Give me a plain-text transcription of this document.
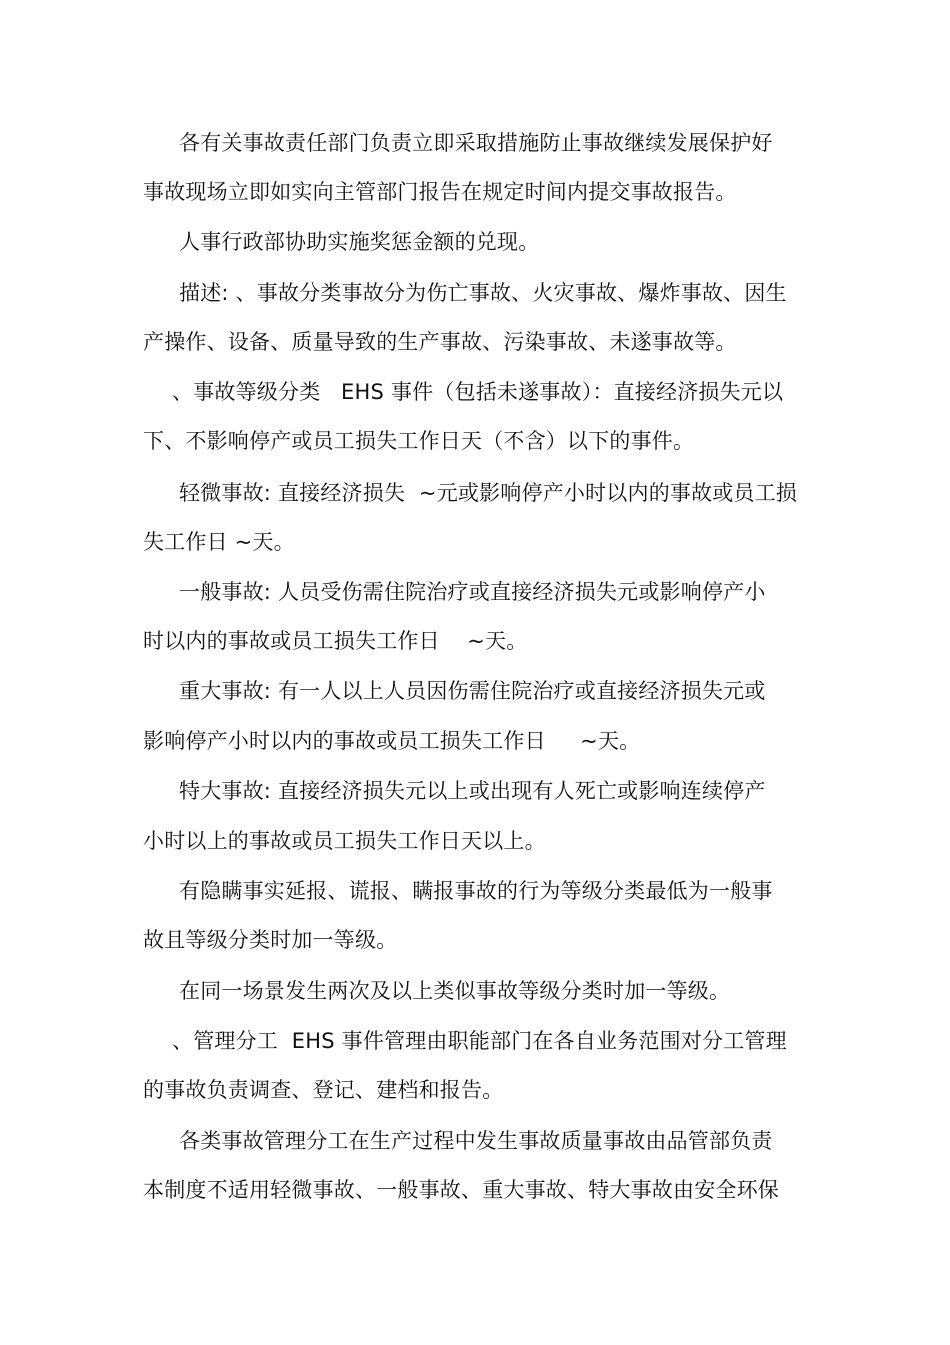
各有关事故责任部门负责立即采取措施防止事故继续发展保护好
事故现场立即如实向主管部门报告在规定时间内提交事故报告。
人事行政部协助实施奖惩金额的兑现。
描述: 、事故分类事故分为伤亡事故、火灾事故、爆炸事故、因生
产操作、设备、质量导致的生产事故、污染事故、未遂事故等。
、事故等级分类   EHS 事件（包括未遂事故）：直接经济损失元以
下、不影响停产或员工损失工作日天（不含）以下的事件。
轻微事故: 直接经济损失  ~元或影响停产小时以内的事故或员工损
失工作日 ~天。
一般事故: 人员受伤需住院治疗或直接经济损失元或影响停产小
时以内的事故或员工损失工作日    ~天。
重大事故: 有一人以上人员因伤需住院治疗或直接经济损失元或
影响停产小时以内的事故或员工损失工作日     ~天。
特大事故: 直接经济损失元以上或出现有人死亡或影响连续停产
小时以上的事故或员工损失工作日天以上。
有隐瞒事实延报、谎报、瞒报事故的行为等级分类最低为一般事
故且等级分类时加一等级。
在同一场景发生两次及以上类似事故等级分类时加一等级。
、管理分工  EHS 事件管理由职能部门在各自业务范围对分工管理
的事故负责调查、登记、建档和报告。
各类事故管理分工在生产过程中发生事故质量事故由品管部负责
本制度不适用轻微事故、一般事故、重大事故、特大事故由安全环保
